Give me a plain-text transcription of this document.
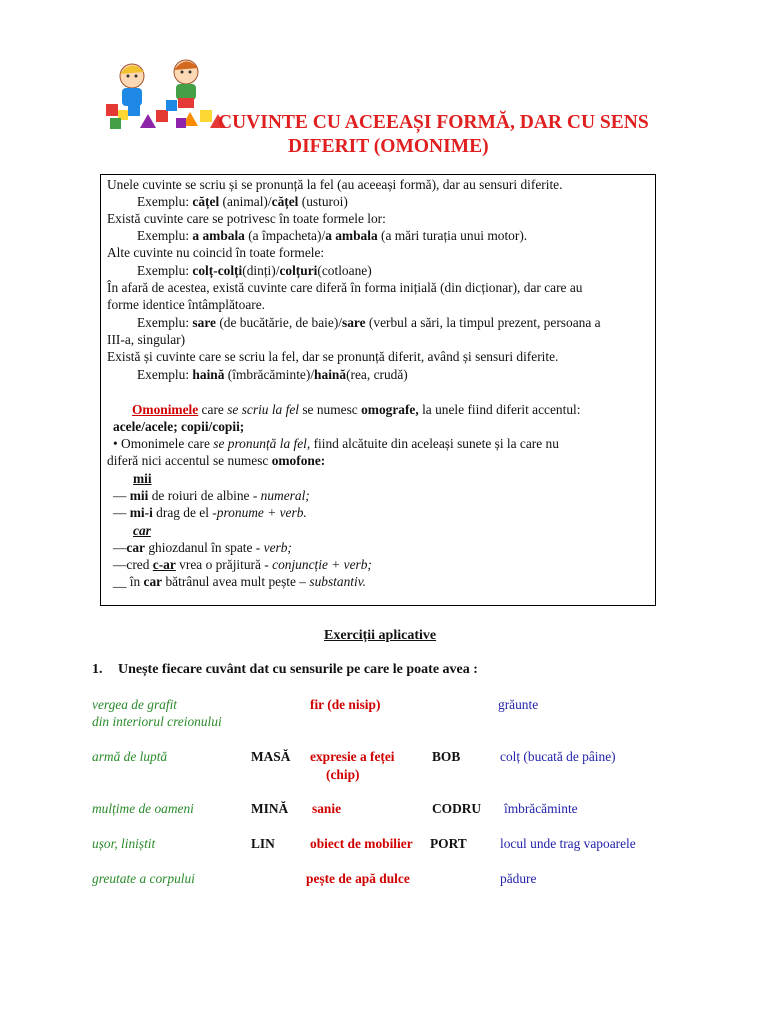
CUVINTE CU ACEEAȘI FORMĂ, DAR CU SENS
DIFERIT (OMONIME)
Unele cuvinte se scriu și se pronunță la fel (au aceeași formă), dar au sensuri diferite.
Exemplu: cățel (animal)/cățel (usturoi)
Există cuvinte care se potrivesc în toate formele lor:
Exemplu: a ambala (a împacheta)/a ambala (a mări turația unui motor).
Alte cuvinte nu coincid în toate formele:
Exemplu: colț-colți(dinți)/colțuri(cotloane)
În afară de acestea, există cuvinte care diferă în forma inițială (din dicționar), dar care au
forme identice întâmplătoare.
Exemplu: sare (de bucătărie, de baie)/sare (verbul a sări, la timpul prezent, persoana a
III-a, singular)
Există și cuvinte care se scriu la fel, dar se pronunță diferit, având și sensuri diferite.
Exemplu: haină (îmbrăcăminte)/haină(rea, crudă)
Omonimele care se scriu la fel se numesc omografe, la unele fiind diferit accentul:
acele/acele; copii/copii;
• Omonimele care se pronunță la fel, fiind alcătuite din aceleași sunete și la care nu
diferă nici accentul se numesc omofone:
mii
— mii de roiuri de albine - numeral;
— mi-i drag de el -pronume + verb.
car
—car ghiozdanul în spate - verb;
—cred c-ar vrea o prăjitură - conjuncție + verb;
__ în car bătrânul avea mult pește – substantiv.
Exerciții aplicative
1. Unește fiecare cuvânt dat cu sensurile pe care le poate avea :
vergea de grafit
din interiorul creionului
armă de luptă
mulțime de oameni
ușor, liniștit
greutate a corpului
MASĂ
MINĂ
LIN
fir (de nisip)
expresie a feței
(chip)
sanie
obiect de mobilier
pește de apă dulce
BOB
CODRU
PORT
grăunte
colț (bucată de pâine)
îmbrăcăminte
locul unde trag vapoarele
pădure
